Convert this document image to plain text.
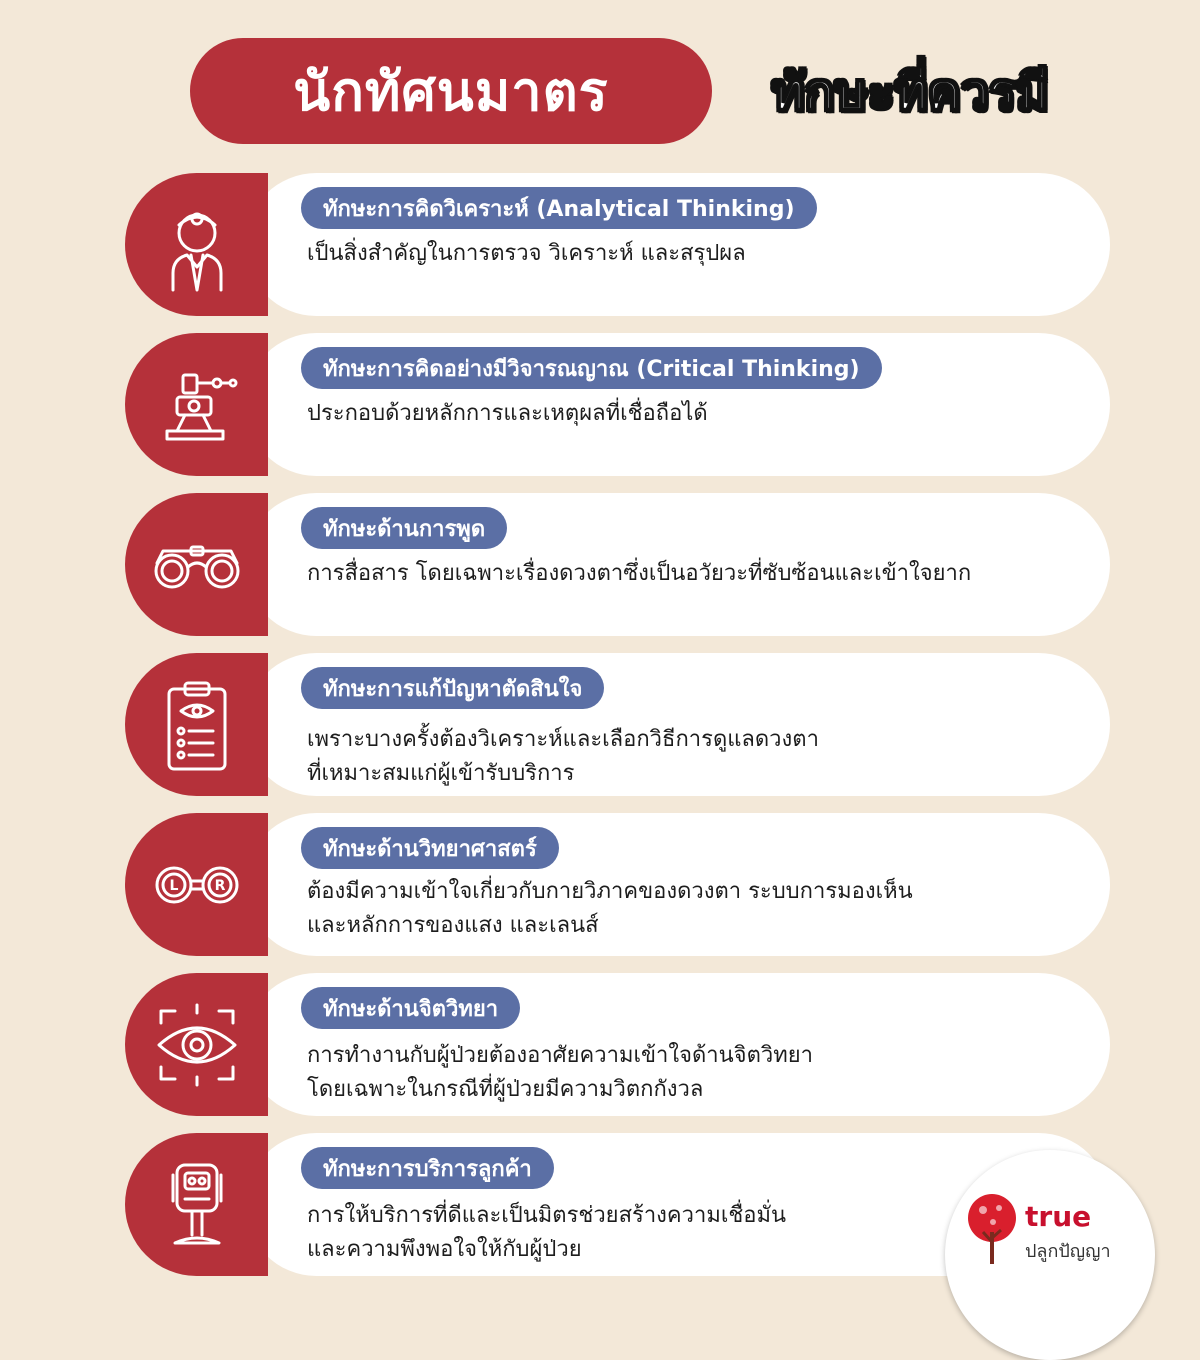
นักทัศนมาตร	ทักษะที่ควรมี
ทักษะการคิดวิเคราะห์ (Analytical Thinking)
เป็นสิ่งสำคัญในการตรวจ วิเคราะห์ และสรุปผล
ทักษะการคิดอย่างมีวิจารณญาณ (Critical Thinking)
ประกอบด้วยหลักการและเหตุผลที่เชื่อถือได้
ทักษะด้านการพูด
การสื่อสาร โดยเฉพาะเรื่องดวงตาซึ่งเป็นอวัยวะที่ซับซ้อนและเข้าใจยาก
ทักษะการแก้ปัญหาตัดสินใจ
เพราะบางครั้งต้องวิเคราะห์และเลือกวิธีการดูแลดวงตา
ที่เหมาะสมแก่ผู้เข้ารับบริการ
L	R
ทักษะด้านวิทยาศาสตร์
ต้องมีความเข้าใจเกี่ยวกับกายวิภาคของดวงตา ระบบการมองเห็น
และหลักการของแสง และเลนส์
ทักษะด้านจิตวิทยา
การทำงานกับผู้ป่วยต้องอาศัยความเข้าใจด้านจิตวิทยา
โดยเฉพาะในกรณีที่ผู้ป่วยมีความวิตกกังวล
ทักษะการบริการลูกค้า
การให้บริการที่ดีและเป็นมิตรช่วยสร้างความเชื่อมั่น
และความพึงพอใจให้กับผู้ป่วย
true
ปลูกปัญญา
